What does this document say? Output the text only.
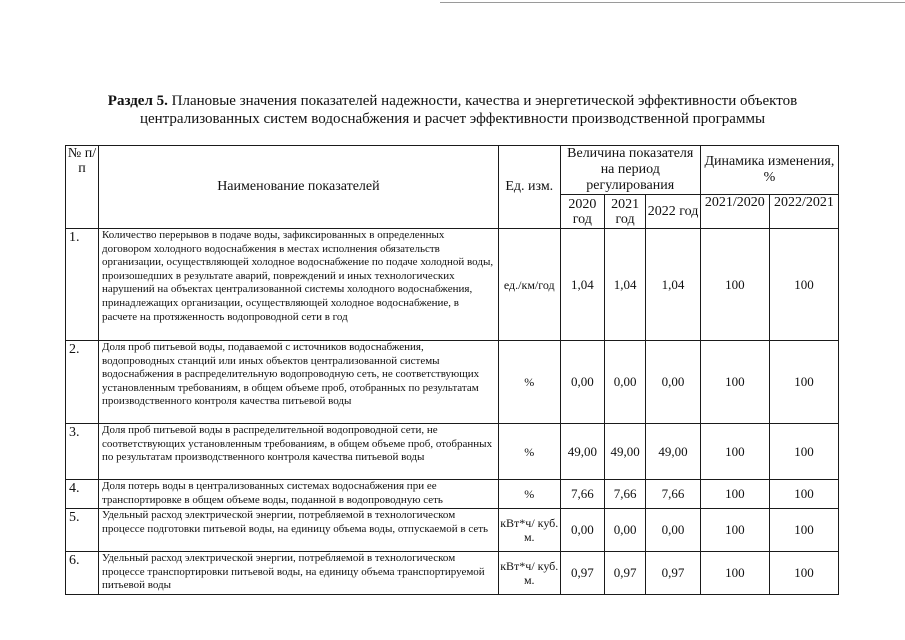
Раздел 5. Плановые значения показателей надежности, качества и энергетической эффективности объектов
централизованных систем водоснабжения и расчет эффективности производственной программы
№ п/п	Наименование показателей	Ед. изм.	Величина показателя на период регулирования			Динамика изменения, %	
			2020 год	2021 год	2022 год	2021/2020	2022/2021
1.	Количество перерывов в подаче воды, зафиксированных в определенных договором холодного водоснабжения в местах исполнения обязательств организации, осуществляющей холодное водоснабжение по подаче холодной воды, произошедших в результате аварий, повреждений и иных технологических нарушений на объектах централизованной системы холодного водоснабжения, принадлежащих организации, осуществляющей холодное водоснабжение, в расчете на протяженность водопроводной сети в год	ед./км/год	1,04	1,04	1,04	100	100
2.	Доля проб питьевой воды, подаваемой с источников водоснабжения, водопроводных станций или иных объектов централизованной системы водоснабжения в распределительную водопроводную сеть, не соответствующих установленным требованиям, в общем объеме проб, отобранных по результатам производственного контроля качества питьевой воды	%	0,00	0,00	0,00	100	100
3.	Доля проб питьевой воды в распределительной водопроводной сети, не соответствующих установленным требованиям, в общем объеме проб, отобранных по результатам производственного контроля качества питьевой воды	%	49,00	49,00	49,00	100	100
4.	Доля потерь воды в централизованных системах водоснабжения при ее транспортировке в общем объеме воды, поданной в водопроводную сеть	%	7,66	7,66	7,66	100	100
5.	Удельный расход электрической энергии, потребляемой в технологическом процессе подготовки питьевой воды, на единицу объема воды, отпускаемой в сеть	кВт*ч/ куб. м.	0,00	0,00	0,00	100	100
6.	Удельный расход электрической энергии, потребляемой в технологическом процессе транспортировки питьевой воды, на единицу объема транспортируемой питьевой воды	кВт*ч/ куб. м.	0,97	0,97	0,97	100	100
